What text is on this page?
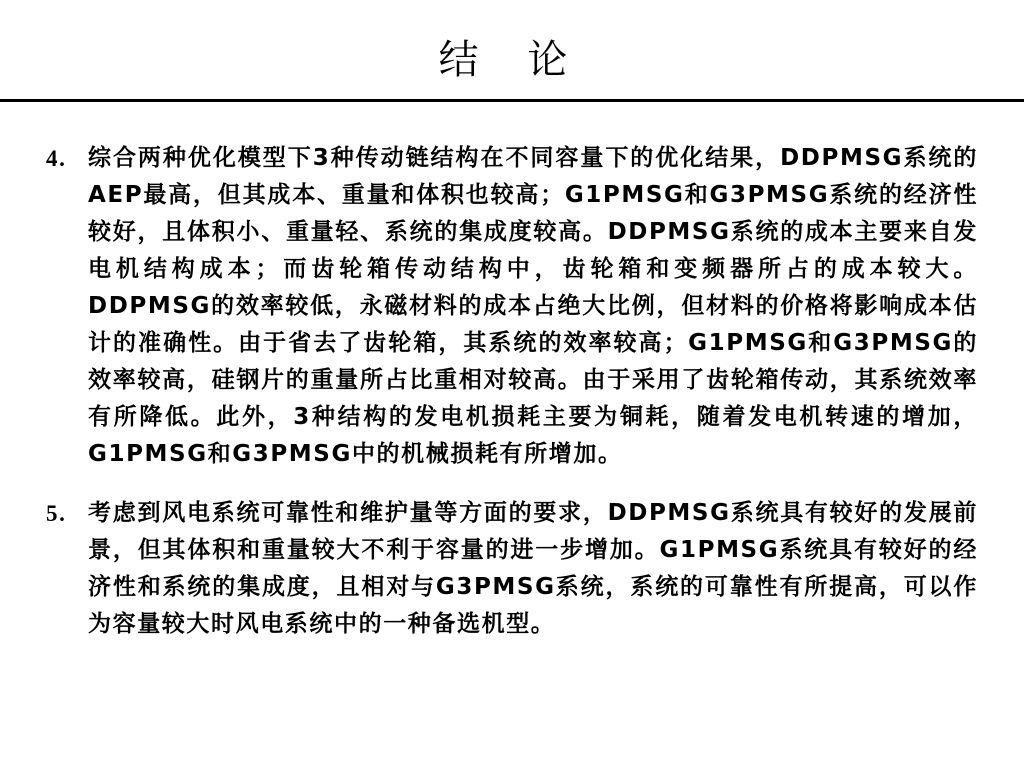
结 论
4. 综合两种优化模型下3种传动链结构在不同容量下的优化结果，DDPMSG系统的AEP最高，但其成本、重量和体积也较高；G1PMSG和G3PMSG系统的经济性较好，且体积小、重量轻、系统的集成度较高。DDPMSG系统的成本主要来自发电机结构成本；而齿轮箱传动结构中，齿轮箱和变频器所占的成本较大。DDPMSG的效率较低，永磁材料的成本占绝大比例，但材料的价格将影响成本估计的准确性。由于省去了齿轮箱，其系统的效率较高；G1PMSG和G3PMSG的效率较高，硅钢片的重量所占比重相对较高。由于采用了齿轮箱传动，其系统效率有所降低。此外，3种结构的发电机损耗主要为铜耗，随着发电机转速的增加，G1PMSG和G3PMSG中的机械损耗有所增加。
5. 考虑到风电系统可靠性和维护量等方面的要求，DDPMSG系统具有较好的发展前景，但其体积和重量较大不利于容量的进一步增加。G1PMSG系统具有较好的经济性和系统的集成度，且相对与G3PMSG系统，系统的可靠性有所提高，可以作为容量较大时风电系统中的一种备选机型。
